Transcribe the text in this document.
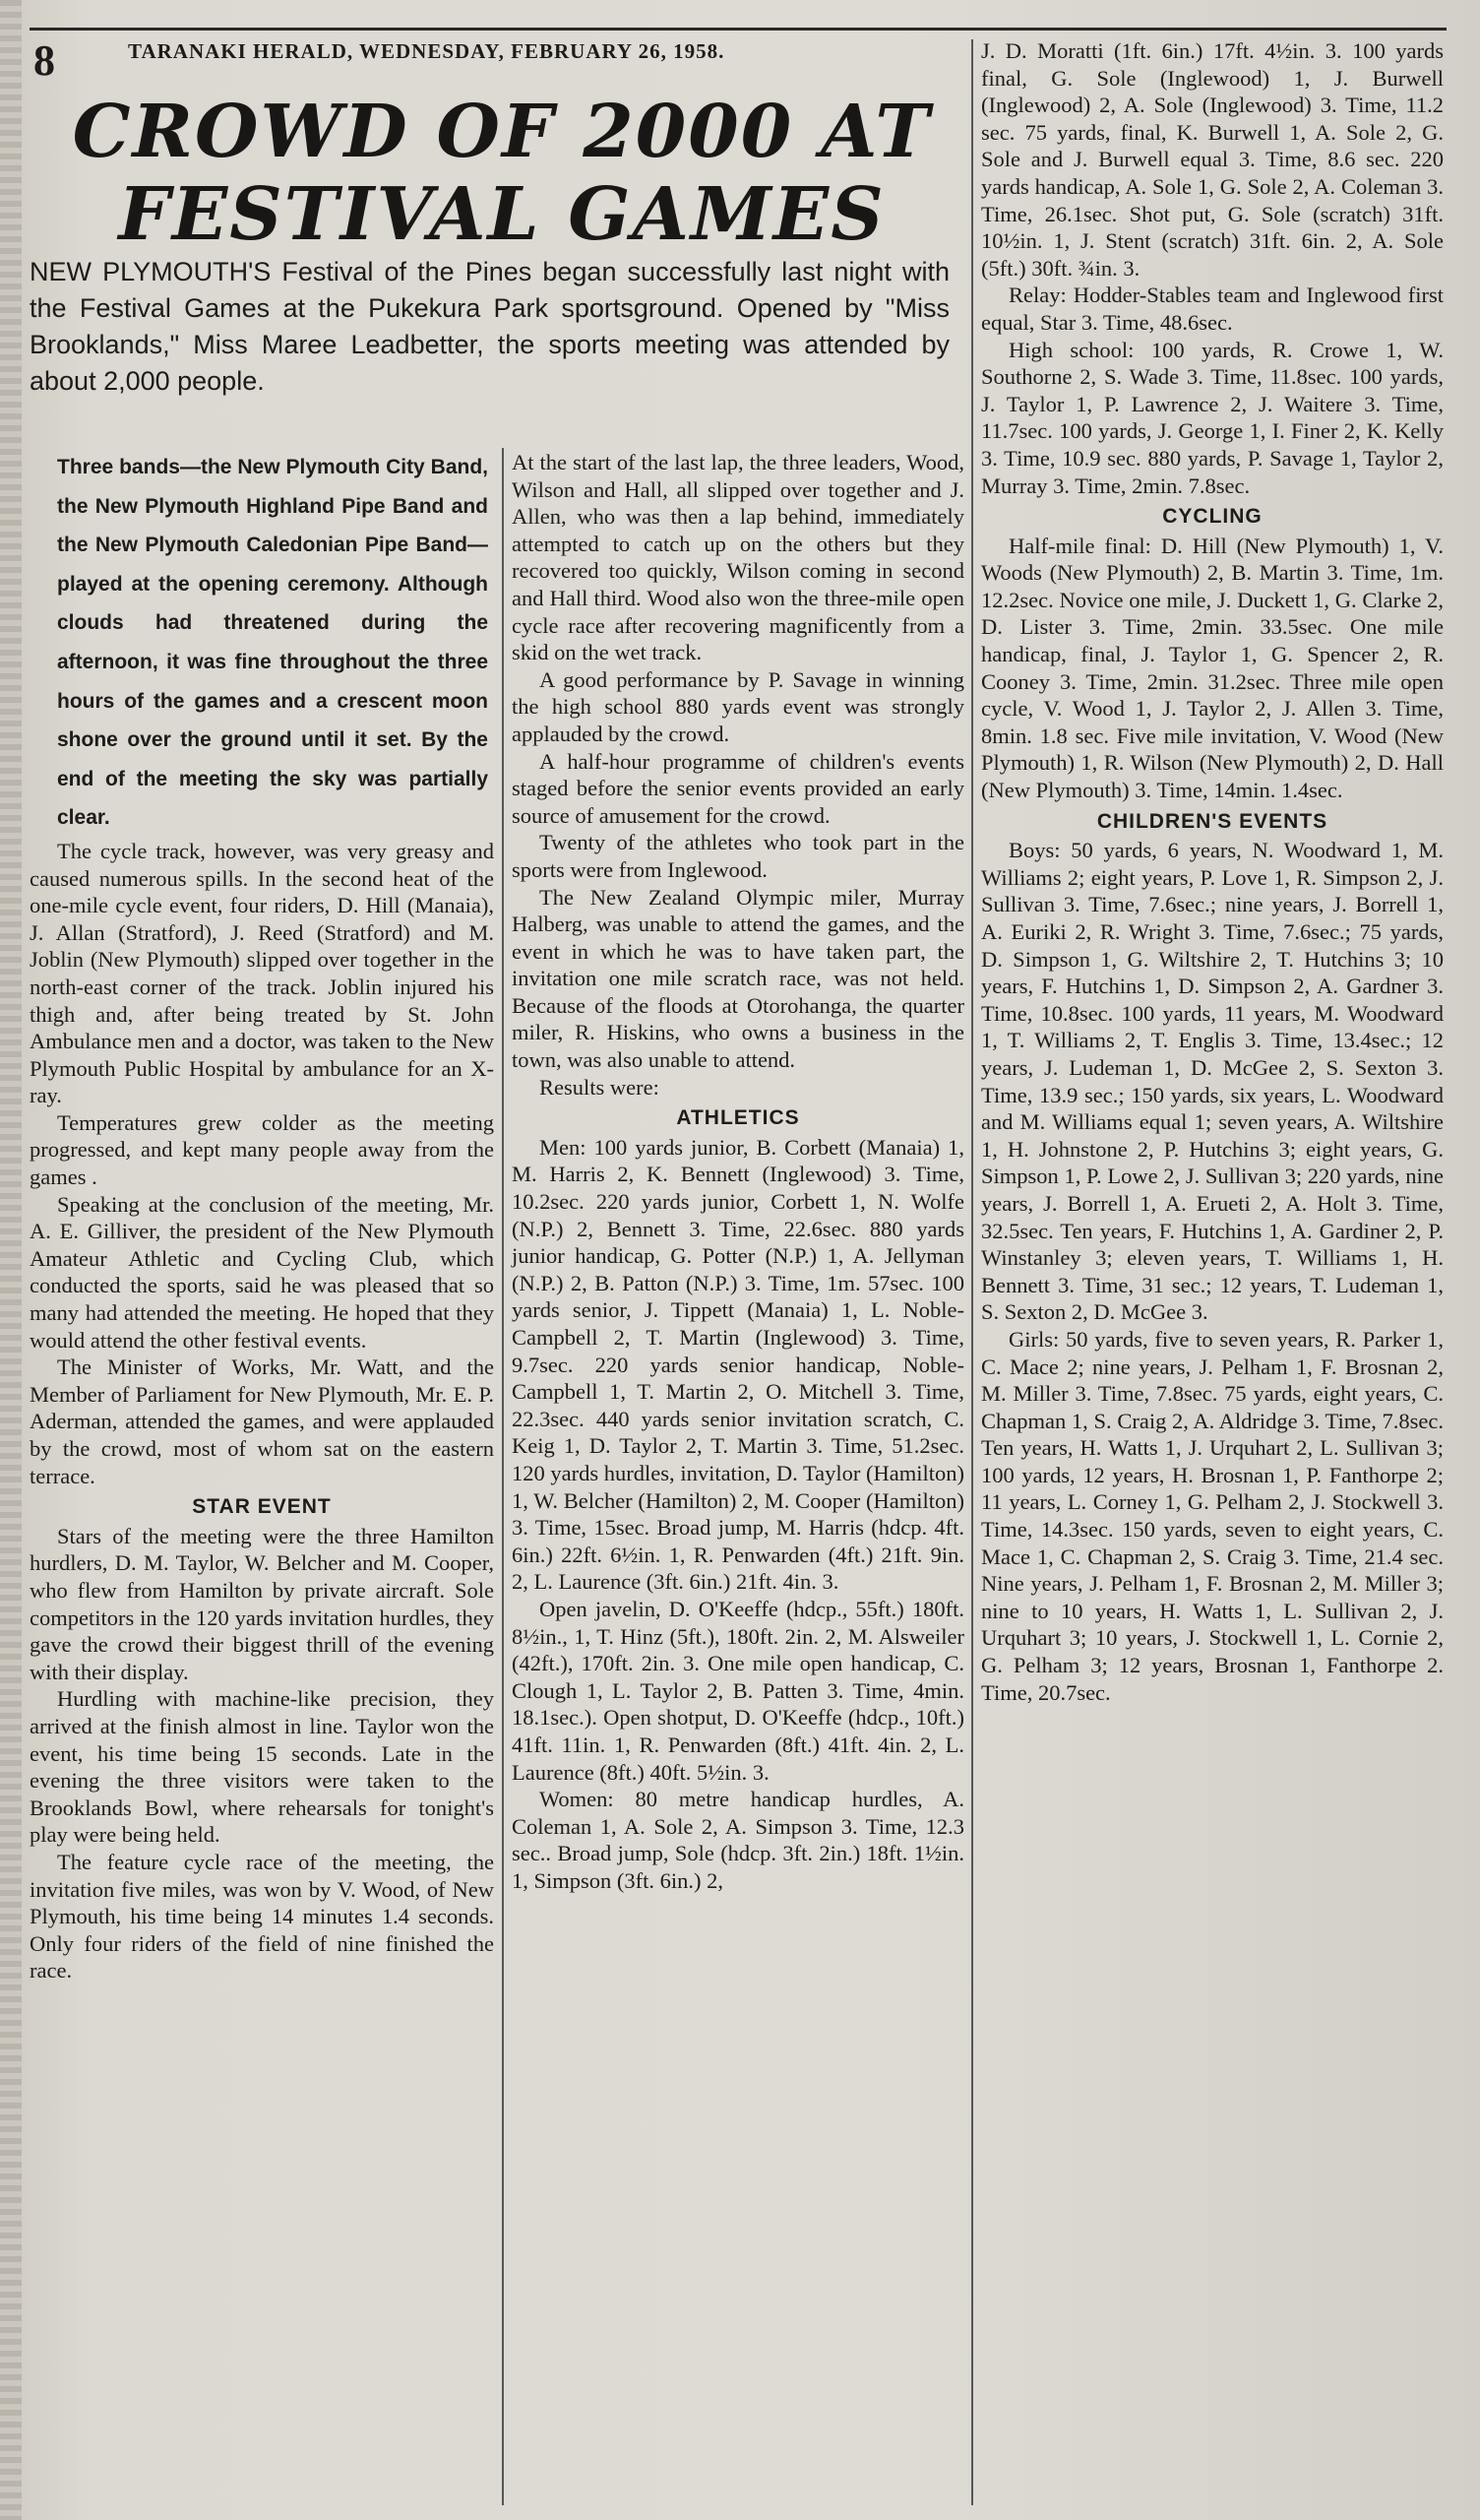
8	TARANAKI HERALD, WEDNESDAY, FEBRUARY 26, 1958.
CROWD OF 2000 AT FESTIVAL GAMES
NEW PLYMOUTH'S Festival of the Pines began successfully last night with the Festival Games at the Pukekura Park sportsground. Opened by "Miss Brooklands," Miss Maree Leadbetter, the sports meeting was attended by about 2,000 people.

Three bands—the New Plymouth City Band, the New Plymouth Highland Pipe Band and the New Plymouth Caledonian Pipe Band—played at the opening ceremony. Although clouds had threatened during the afternoon, it was fine throughout the three hours of the games and a crescent moon shone over the ground until it set. By the end of the meeting the sky was partially clear.

The cycle track, however, was very greasy and caused numerous spills. In the second heat of the one-mile cycle event, four riders, D. Hill (Manaia), J. Allan (Stratford), J. Reed (Stratford) and M. Joblin (New Plymouth) slipped over together in the north-east corner of the track. Joblin injured his thigh and, after being treated by St. John Ambulance men and a doctor, was taken to the New Plymouth Public Hospital by ambulance for an X-ray.

Temperatures grew colder as the meeting progressed, and kept many people away from the games .

Speaking at the conclusion of the meeting, Mr. A. E. Gilliver, the president of the New Plymouth Amateur Athletic and Cycling Club, which conducted the sports, said he was pleased that so many had attended the meeting. He hoped that they would attend the other festival events.

The Minister of Works, Mr. Watt, and the Member of Parliament for New Plymouth, Mr. E. P. Aderman, attended the games, and were applauded by the crowd, most of whom sat on the eastern terrace.

STAR EVENT

Stars of the meeting were the three Hamilton hurdlers, D. M. Taylor, W. Belcher and M. Cooper, who flew from Hamilton by private aircraft. Sole competitors in the 120 yards invitation hurdles, they gave the crowd their biggest thrill of the evening with their display.

Hurdling with machine-like precision, they arrived at the finish almost in line. Taylor won the event, his time being 15 seconds. Late in the evening the three visitors were taken to the Brooklands Bowl, where rehearsals for tonight's play were being held.

The feature cycle race of the meeting, the invitation five miles, was won by V. Wood, of New Plymouth, his time being 14 minutes 1.4 seconds. Only four riders of the field of nine finished the race.

At the start of the last lap, the three leaders, Wood, Wilson and Hall, all slipped over together and J. Allen, who was then a lap behind, immediately attempted to catch up on the others but they recovered too quickly, Wilson coming in second and Hall third. Wood also won the three-mile open cycle race after recovering magnificently from a skid on the wet track.

A good performance by P. Savage in winning the high school 880 yards event was strongly applauded by the crowd.

A half-hour programme of children's events staged before the senior events provided an early source of amusement for the crowd.

Twenty of the athletes who took part in the sports were from Inglewood.

The New Zealand Olympic miler, Murray Halberg, was unable to attend the games, and the event in which he was to have taken part, the invitation one mile scratch race, was not held. Because of the floods at Otorohanga, the quarter miler, R. Hiskins, who owns a business in the town, was also unable to attend.

Results were:

ATHLETICS

Men: 100 yards junior, B. Corbett (Manaia) 1, M. Harris 2, K. Bennett (Inglewood) 3. Time, 10.2sec. 220 yards junior, Corbett 1, N. Wolfe (N.P.) 2, Bennett 3. Time, 22.6sec. 880 yards junior handicap, G. Potter (N.P.) 1, A. Jellyman (N.P.) 2, B. Patton (N.P.) 3. Time, 1m. 57sec. 100 yards senior, J. Tippett (Manaia) 1, L. Noble-Campbell 2, T. Martin (Inglewood) 3. Time, 9.7sec. 220 yards senior handicap, Noble-Campbell 1, T. Martin 2, O. Mitchell 3. Time, 22.3sec. 440 yards senior invitation scratch, C. Keig 1, D. Taylor 2, T. Martin 3. Time, 51.2sec. 120 yards hurdles, invitation, D. Taylor (Hamilton) 1, W. Belcher (Hamilton) 2, M. Cooper (Hamilton) 3. Time, 15sec. Broad jump, M. Harris (hdcp. 4ft. 6in.) 22ft. 6½in. 1, R. Penwarden (4ft.) 21ft. 9in. 2, L. Laurence (3ft. 6in.) 21ft. 4in. 3.

Open javelin, D. O'Keeffe (hdcp., 55ft.) 180ft. 8½in., 1, T. Hinz (5ft.), 180ft. 2in. 2, M. Alsweiler (42ft.), 170ft. 2in. 3. One mile open handicap, C. Clough 1, L. Taylor 2, B. Patten 3. Time, 4min. 18.1sec.). Open shotput, D. O'Keeffe (hdcp., 10ft.) 41ft. 11in. 1, R. Penwarden (8ft.) 41ft. 4in. 2, L. Laurence (8ft.) 40ft. 5½in. 3.

Women: 80 metre handicap hurdles, A. Coleman 1, A. Sole 2, A. Simpson 3. Time, 12.3 sec.. Broad jump, Sole (hdcp. 3ft. 2in.) 18ft. 1½in. 1, Simpson (3ft. 6in.) 2,

J. D. Moratti (1ft. 6in.) 17ft. 4½in. 3. 100 yards final, G. Sole (Inglewood) 1, J. Burwell (Inglewood) 2, A. Sole (Inglewood) 3. Time, 11.2 sec. 75 yards, final, K. Burwell 1, A. Sole 2, G. Sole and J. Burwell equal 3. Time, 8.6 sec. 220 yards handicap, A. Sole 1, G. Sole 2, A. Coleman 3. Time, 26.1sec. Shot put, G. Sole (scratch) 31ft. 10½in. 1, J. Stent (scratch) 31ft. 6in. 2, A. Sole (5ft.) 30ft. ¾in. 3.

Relay: Hodder-Stables team and Inglewood first equal, Star 3. Time, 48.6sec.

High school: 100 yards, R. Crowe 1, W. Southorne 2, S. Wade 3. Time, 11.8sec. 100 yards, J. Taylor 1, P. Lawrence 2, J. Waitere 3. Time, 11.7sec. 100 yards, J. George 1, I. Finer 2, K. Kelly 3. Time, 10.9 sec. 880 yards, P. Savage 1, Taylor 2, Murray 3. Time, 2min. 7.8sec.

CYCLING

Half-mile final: D. Hill (New Plymouth) 1, V. Woods (New Plymouth) 2, B. Martin 3. Time, 1m. 12.2sec. Novice one mile, J. Duckett 1, G. Clarke 2, D. Lister 3. Time, 2min. 33.5sec. One mile handicap, final, J. Taylor 1, G. Spencer 2, R. Cooney 3. Time, 2min. 31.2sec. Three mile open cycle, V. Wood 1, J. Taylor 2, J. Allen 3. Time, 8min. 1.8 sec. Five mile invitation, V. Wood (New Plymouth) 1, R. Wilson (New Plymouth) 2, D. Hall (New Plymouth) 3. Time, 14min. 1.4sec.

CHILDREN'S EVENTS

Boys: 50 yards, 6 years, N. Woodward 1, M. Williams 2; eight years, P. Love 1, R. Simpson 2, J. Sullivan 3. Time, 7.6sec.; nine years, J. Borrell 1, A. Euriki 2, R. Wright 3. Time, 7.6sec.; 75 yards, D. Simpson 1, G. Wiltshire 2, T. Hutchins 3; 10 years, F. Hutchins 1, D. Simpson 2, A. Gardner 3. Time, 10.8sec. 100 yards, 11 years, M. Woodward 1, T. Williams 2, T. Englis 3. Time, 13.4sec.; 12 years, J. Ludeman 1, D. McGee 2, S. Sexton 3. Time, 13.9 sec.; 150 yards, six years, L. Woodward and M. Williams equal 1; seven years, A. Wiltshire 1, H. Johnstone 2, P. Hutchins 3; eight years, G. Simpson 1, P. Lowe 2, J. Sullivan 3; 220 yards, nine years, J. Borrell 1, A. Erueti 2, A. Holt 3. Time, 32.5sec. Ten years, F. Hutchins 1, A. Gardiner 2, P. Winstanley 3; eleven years, T. Williams 1, H. Bennett 3. Time, 31 sec.; 12 years, T. Ludeman 1, S. Sexton 2, D. McGee 3.

Girls: 50 yards, five to seven years, R. Parker 1, C. Mace 2; nine years, J. Pelham 1, F. Brosnan 2, M. Miller 3. Time, 7.8sec. 75 yards, eight years, C. Chapman 1, S. Craig 2, A. Aldridge 3. Time, 7.8sec. Ten years, H. Watts 1, J. Urquhart 2, L. Sullivan 3; 100 yards, 12 years, H. Brosnan 1, P. Fanthorpe 2; 11 years, L. Corney 1, G. Pelham 2, J. Stockwell 3. Time, 14.3sec. 150 yards, seven to eight years, C. Mace 1, C. Chapman 2, S. Craig 3. Time, 21.4 sec. Nine years, J. Pelham 1, F. Brosnan 2, M. Miller 3; nine to 10 years, H. Watts 1, L. Sullivan 2, J. Urquhart 3; 10 years, J. Stockwell 1, L. Cornie 2, G. Pelham 3; 12 years, Brosnan 1, Fanthorpe 2. Time, 20.7sec.
